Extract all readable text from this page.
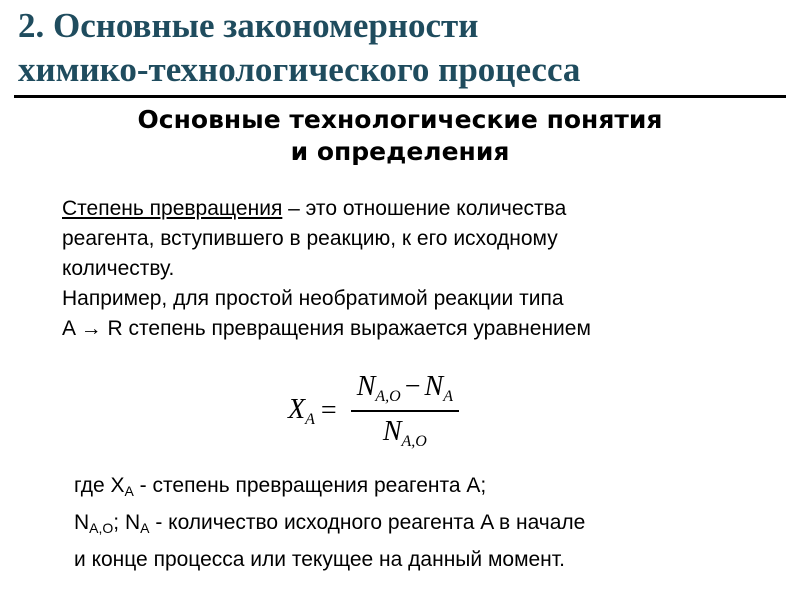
2. Основные закономерности
химико-технологического процесса
Основные технологические понятия
и определения

Степень превращения – это отношение количества

реагента, вступившего в реакцию, к его исходному

количеству.

Например, для простой необратимой реакции типа

A → R степень превращения выражается уравнением

$X_A = \frac{N_{A,O} - N_A}{N_{A,O}}$

где $X_A$ - степень превращения реагента A;

$N_{A,O}$; $N_A$ - количество исходного реагента A в начале

и конце процесса или текущее на данный момент.
